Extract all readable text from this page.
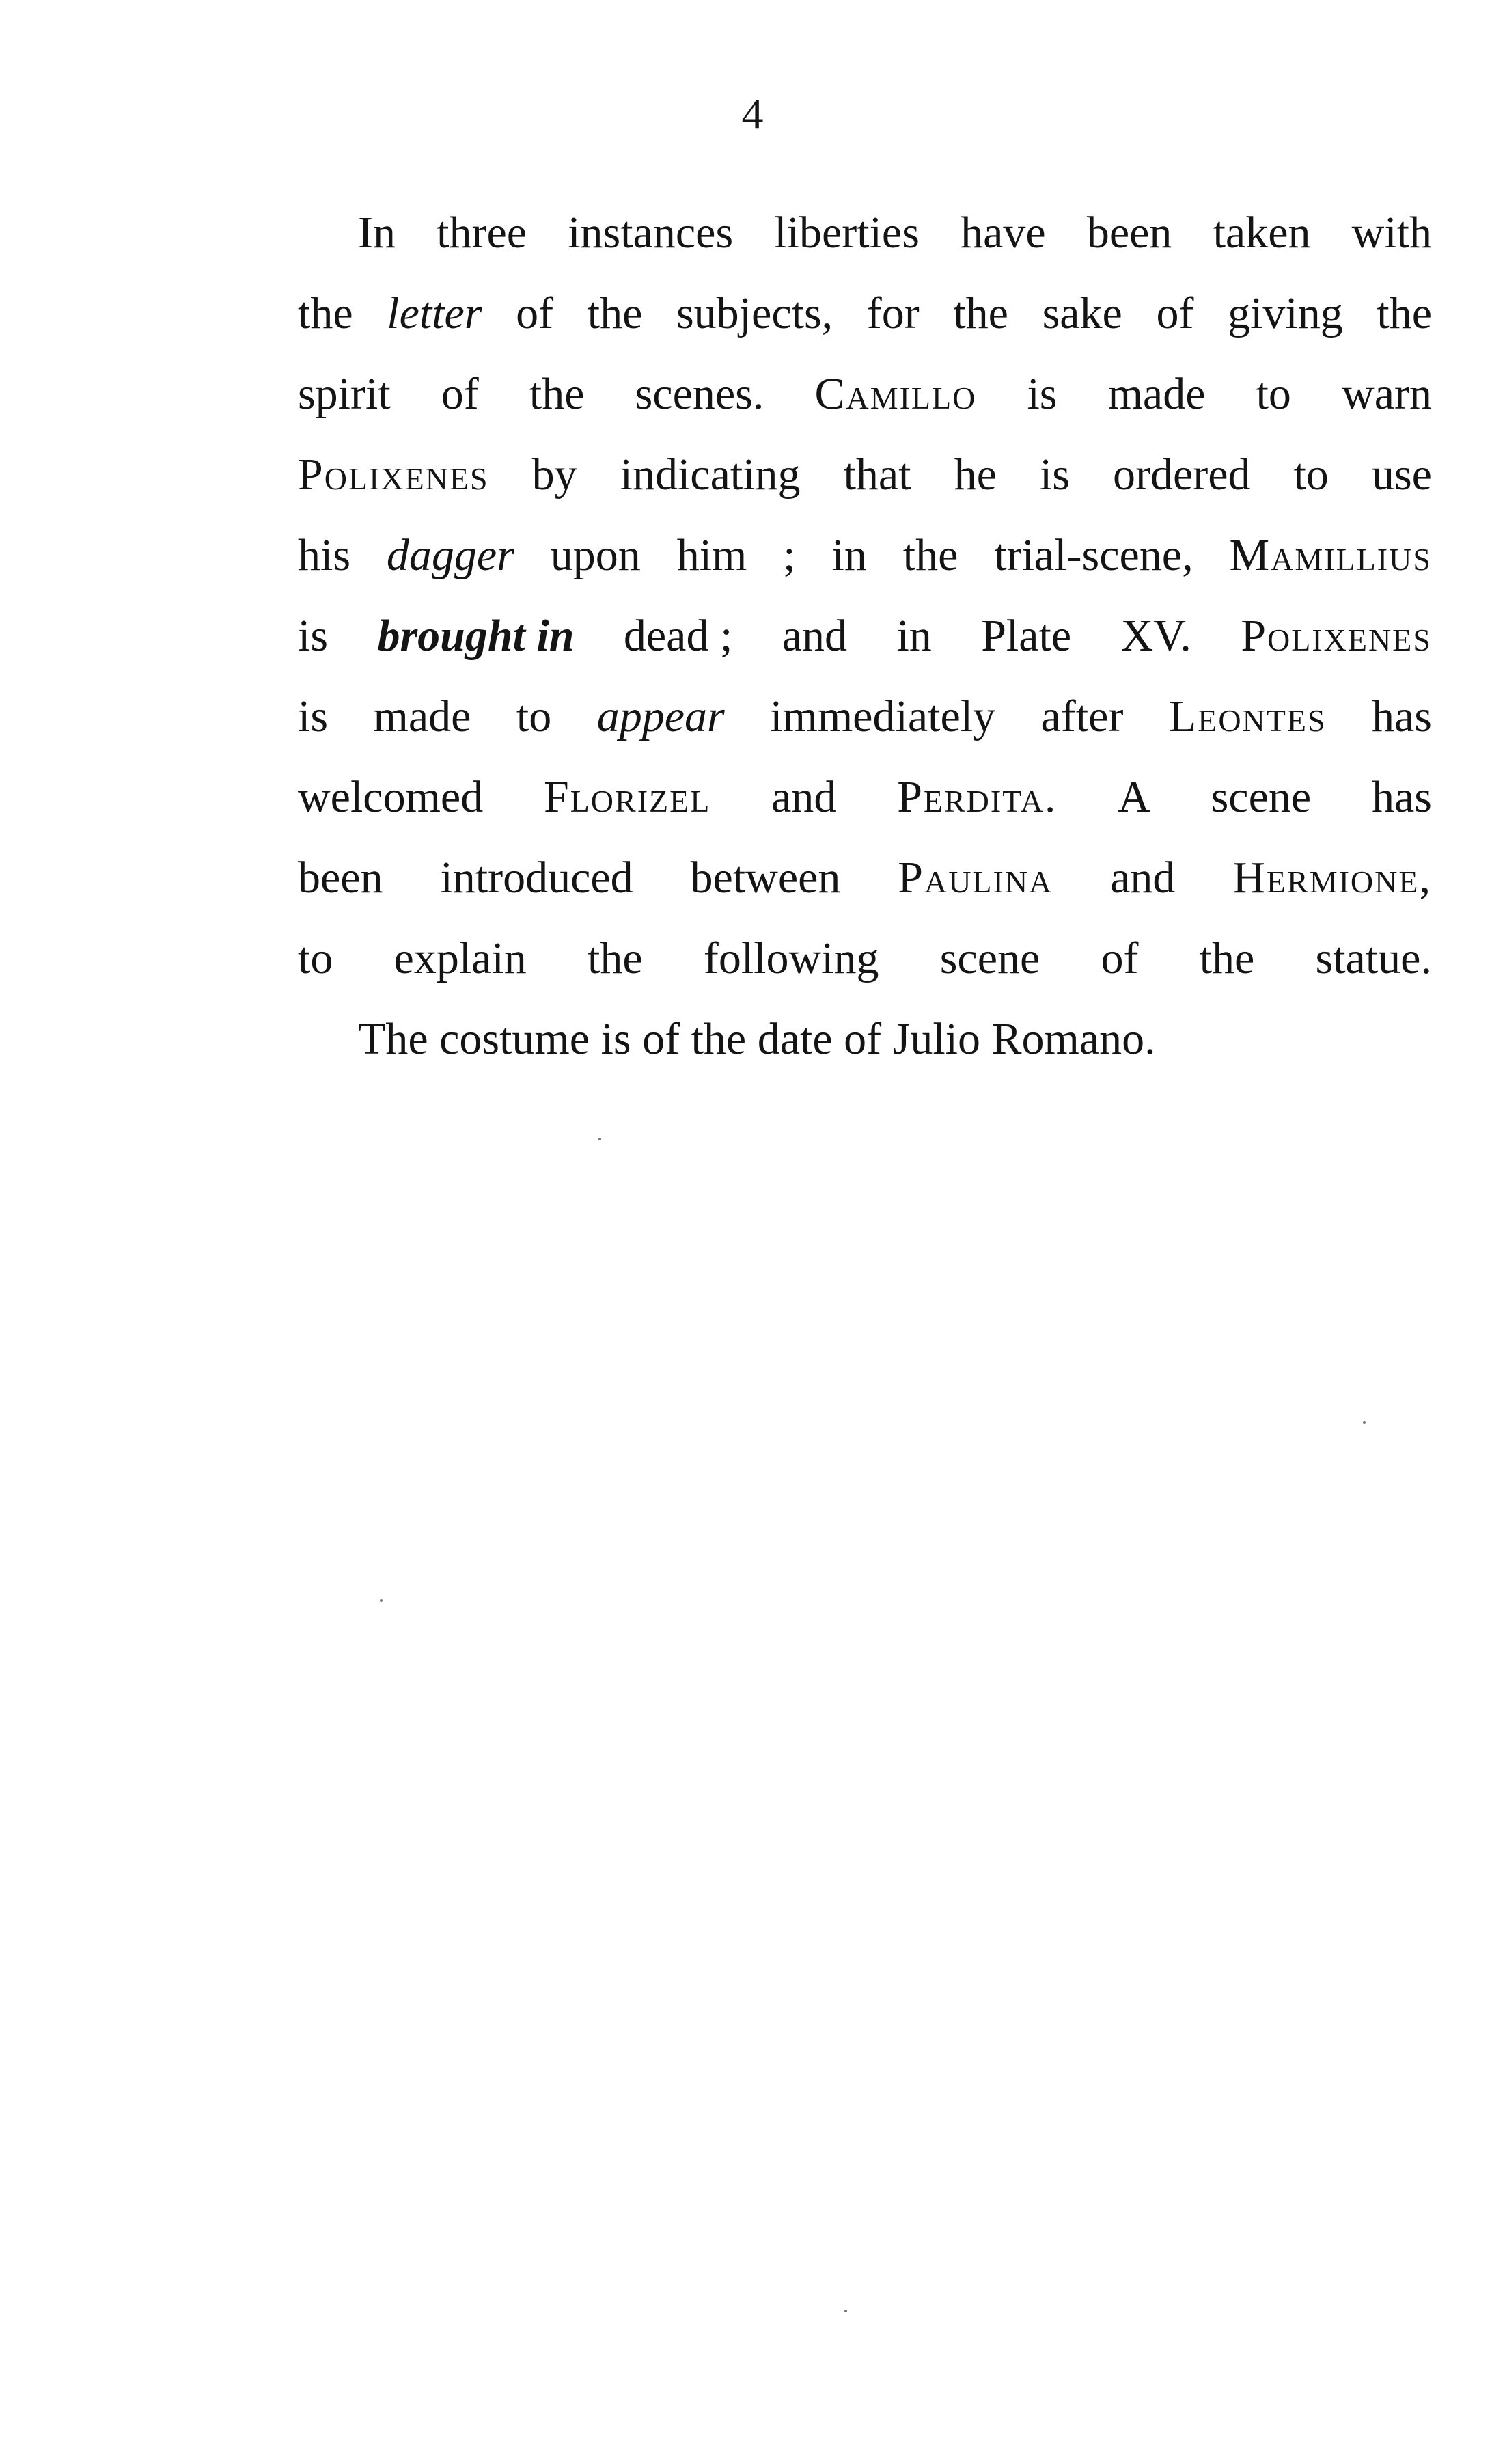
4
In three instances liberties have been taken with
the letter of the subjects, for the sake of giving the
spirit of the scenes. Camillo is made to warn
Polixenes by indicating that he is ordered to use
his dagger upon him ; in the trial-scene, Mamillius
is brought in dead ; and in Plate XV. Polixenes
is made to appear immediately after Leontes has
welcomed Florizel and Perdita. A scene has
been introduced between Paulina and Hermione,
to explain the following scene of the statue.
The costume is of the date of Julio Romano.
